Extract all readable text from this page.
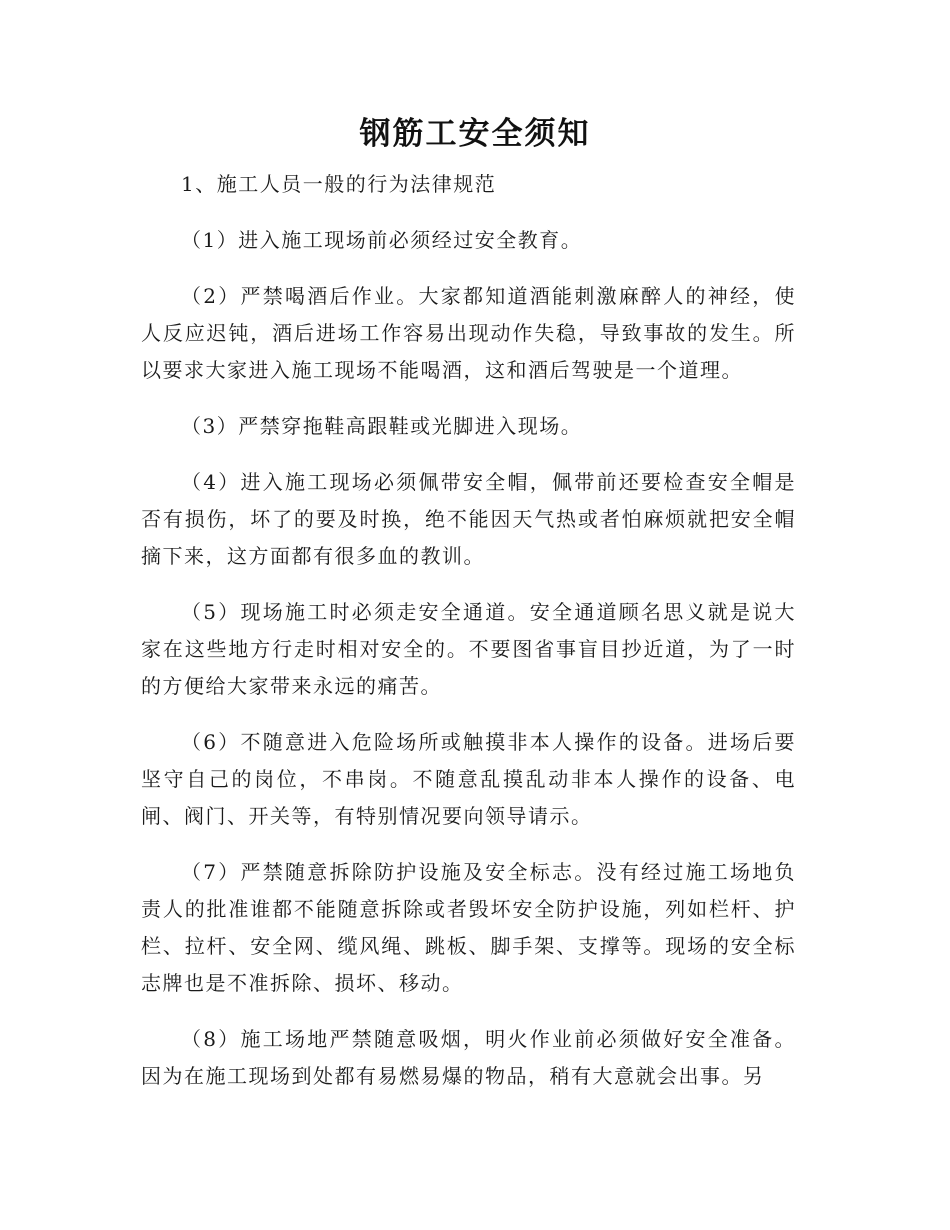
钢筋工安全须知

1、施工人员一般的行为法律规范

（1）进入施工现场前必须经过安全教育。

（2）严禁喝酒后作业。大家都知道酒能刺激麻醉人的神经，使人反应迟钝，酒后进场工作容易出现动作失稳，导致事故的发生。所以要求大家进入施工现场不能喝酒，这和酒后驾驶是一个道理。

（3）严禁穿拖鞋高跟鞋或光脚进入现场。

（4）进入施工现场必须佩带安全帽，佩带前还要检查安全帽是否有损伤，坏了的要及时换，绝不能因天气热或者怕麻烦就把安全帽摘下来，这方面都有很多血的教训。

（5）现场施工时必须走安全通道。安全通道顾名思义就是说大家在这些地方行走时相对安全的。不要图省事盲目抄近道，为了一时的方便给大家带来永远的痛苦。

（6）不随意进入危险场所或触摸非本人操作的设备。进场后要坚守自己的岗位，不串岗。不随意乱摸乱动非本人操作的设备、电闸、阀门、开关等，有特别情况要向领导请示。

（7）严禁随意拆除防护设施及安全标志。没有经过施工场地负责人的批准谁都不能随意拆除或者毁坏安全防护设施，列如栏杆、护栏、拉杆、安全网、缆风绳、跳板、脚手架、支撑等。现场的安全标志牌也是不准拆除、损坏、移动。

（8）施工场地严禁随意吸烟，明火作业前必须做好安全准备。因为在施工现场到处都有易燃易爆的物品，稍有大意就会出事。另
